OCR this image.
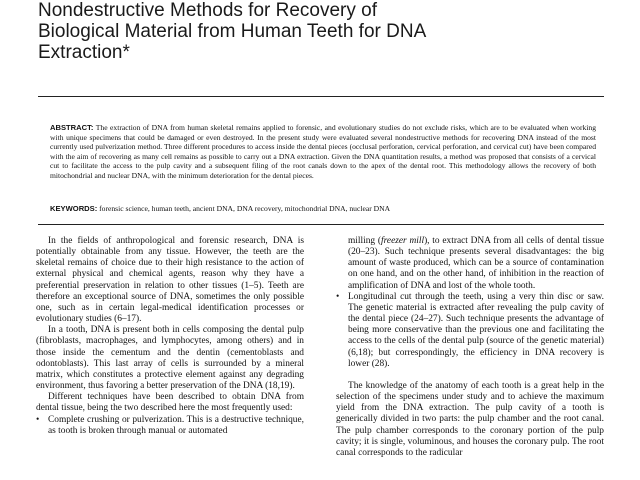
Nondestructive Methods for Recovery of
Biological Material from Human Teeth for DNA
Extraction*

ABSTRACT: The extraction of DNA from human skeletal remains applied to forensic, and evolutionary studies do not exclude risks, which are to be evaluated when working with unique specimens that could be damaged or even destroyed. In the present study were evaluated several nondestructive methods for recovering DNA instead of the most currently used pulverization method. Three different procedures to access inside the dental pieces (occlusal perforation, cervical perforation, and cervical cut) have been compared with the aim of recovering as many cell remains as possible to carry out a DNA extraction. Given the DNA quantitation results, a method was proposed that consists of a cervical cut to facilitate the access to the pulp cavity and a subsequent filing of the root canals down to the apex of the dental root. This methodology allows the recovery of both mitochondrial and nuclear DNA, with the minimum deterioration for the dental pieces.

KEYWORDS: forensic science, human teeth, ancient DNA, DNA recovery, mitochondrial DNA, nuclear DNA

In the fields of anthropological and forensic research, DNA is potentially obtainable from any tissue. However, the teeth are the skeletal remains of choice due to their high resistance to the action of external physical and chemical agents, reason why they have a preferential preservation in relation to other tissues (1–5). Teeth are therefore an exceptional source of DNA, sometimes the only possible one, such as in certain legal-medical identification processes or evolutionary studies (6–17).

In a tooth, DNA is present both in cells composing the dental pulp (fibroblasts, macrophages, and lymphocytes, among others) and in those inside the cementum and the dentin (cementoblasts and odontoblasts). This last array of cells is surrounded by a mineral matrix, which constitutes a protective element against any degrading environment, thus favoring a better preservation of the DNA (18,19).

Different techniques have been described to obtain DNA from dental tissue, being the two described here the most frequently used:

• Complete crushing or pulverization. This is a destructive technique, as tooth is broken through manual or automated
milling (freezer mill), to extract DNA from all cells of dental tissue (20–23). Such technique presents several disadvantages: the big amount of waste produced, which can be a source of contamination on one hand, and on the other hand, of inhibition in the reaction of amplification of DNA and lost of the whole tooth.
• Longitudinal cut through the teeth, using a very thin disc or saw. The genetic material is extracted after revealing the pulp cavity of the dental piece (24–27). Such technique presents the advantage of being more conservative than the previous one and facilitating the access to the cells of the dental pulp (source of the genetic material) (6,18); but correspondingly, the efficiency in DNA recovery is lower (28).

The knowledge of the anatomy of each tooth is a great help in the selection of the specimens under study and to achieve the maximum yield from the DNA extraction. The pulp cavity of a tooth is generically divided in two parts: the pulp chamber and the root canal. The pulp chamber corresponds to the coronary portion of the pulp cavity; it is single, voluminous, and houses the coronary pulp. The root canal corresponds to the radicular
